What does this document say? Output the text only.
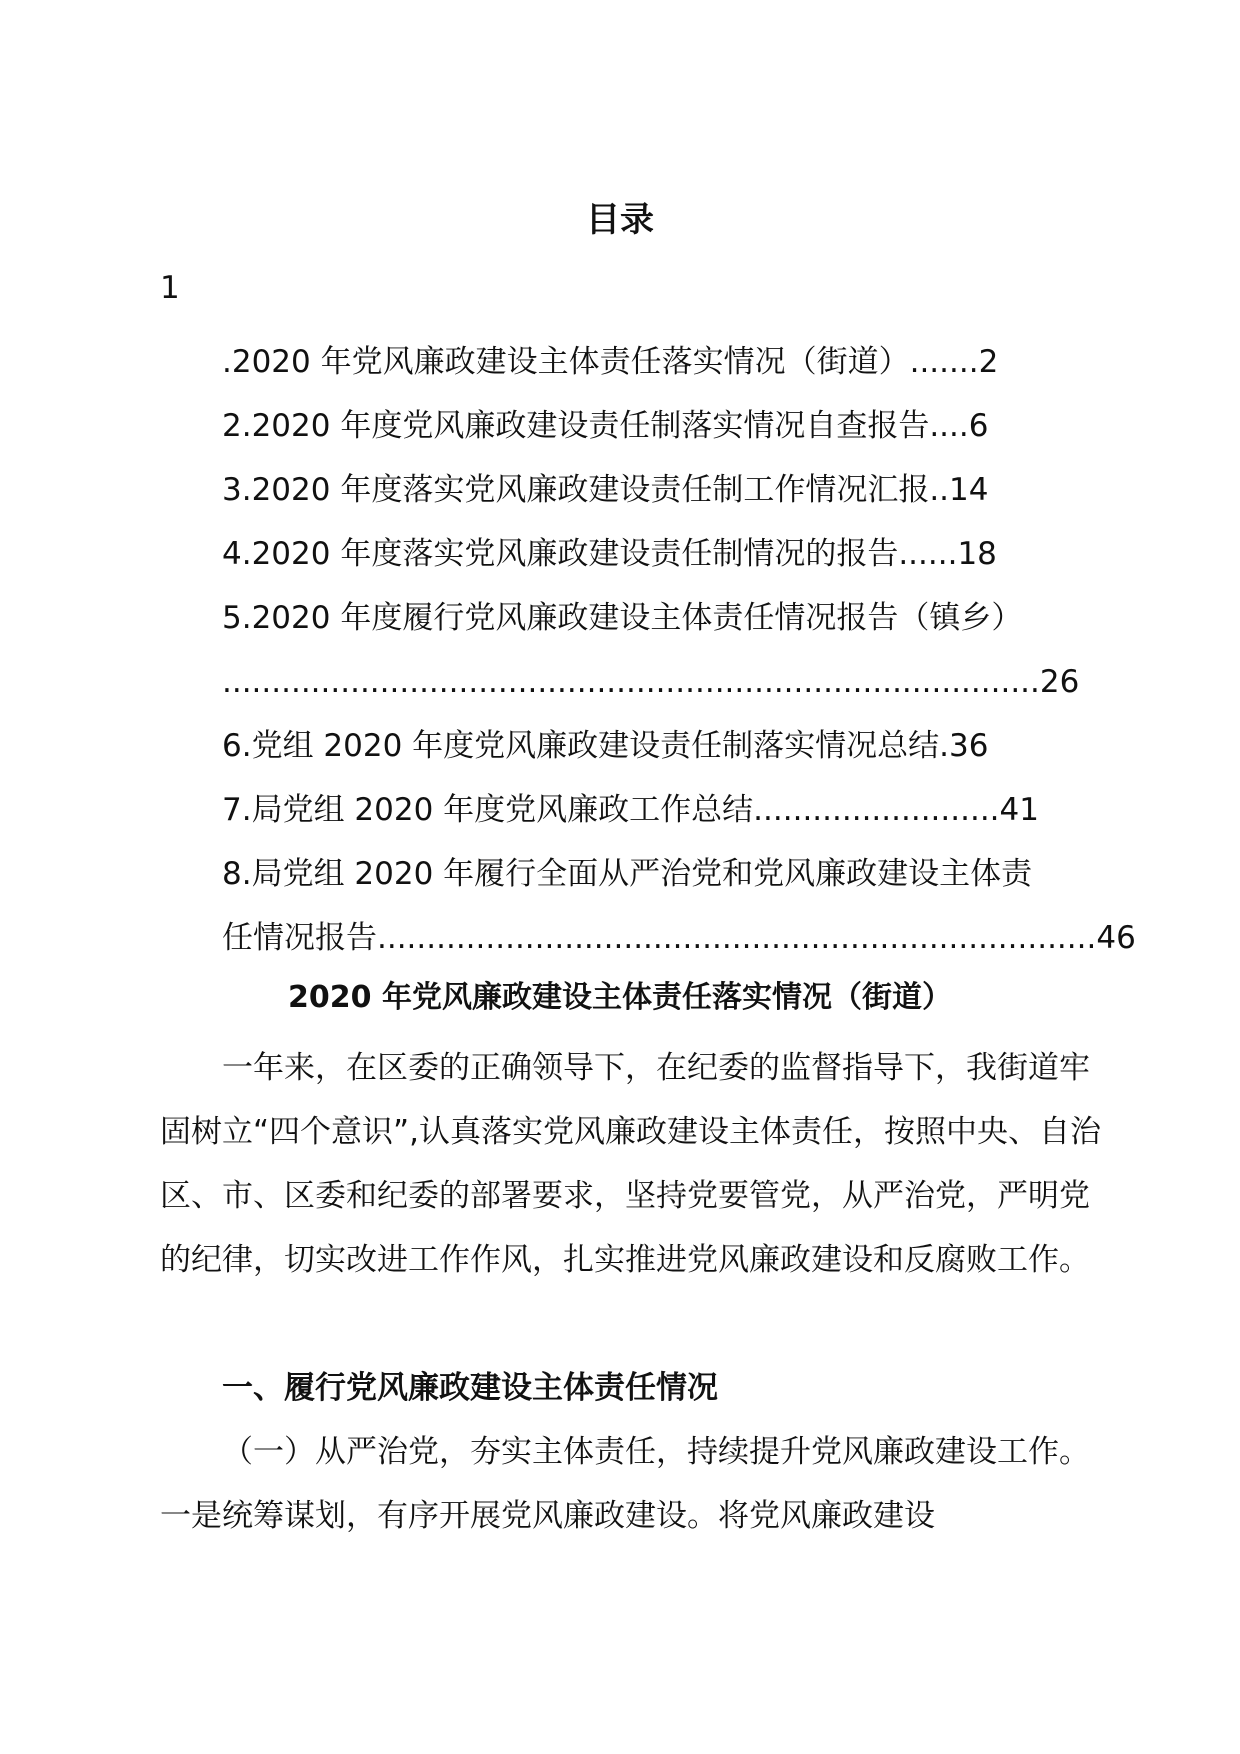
目录
1
.2020 年党风廉政建设主体责任落实情况（街道）.......2
2.2020 年度党风廉政建设责任制落实情况自查报告....6
3.2020 年度落实党风廉政建设责任制工作情况汇报..14
4.2020 年度落实党风廉政建设责任制情况的报告......18
5.2020 年度履行党风廉政建设主体责任情况报告（镇乡）
...................................................................................26
6.党组 2020 年度党风廉政建设责任制落实情况总结.36
7.局党组 2020 年度党风廉政工作总结.........................41
8.局党组 2020 年履行全面从严治党和党风廉政建设主体责
任情况报告.........................................................................46
2020 年党风廉政建设主体责任落实情况（街道）

一年来，在区委的正确领导下，在纪委的监督指导下，我街道牢固树立“四个意识”,认真落实党风廉政建设主体责任，按照中央、自治区、市、区委和纪委的部署要求，坚持党要管党，从严治党，严明党的纪律，切实改进工作作风，扎实推进党风廉政建设和反腐败工作。

一、履行党风廉政建设主体责任情况

（一）从严治党，夯实主体责任，持续提升党风廉政建设工作。一是统筹谋划，有序开展党风廉政建设。将党风廉政建设
